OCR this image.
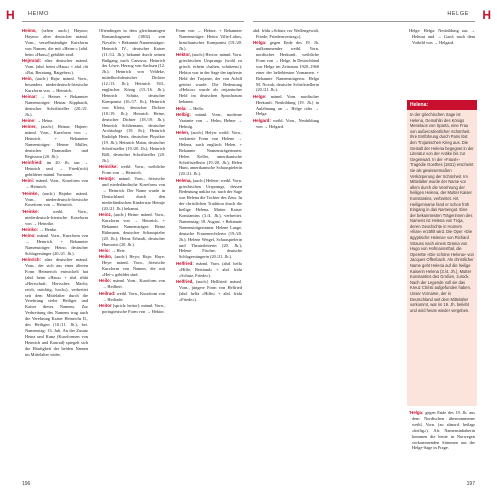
H HEIMO	H
HELGE

Heimo, (selten auch:) Haymo; Haymo: alter deutscher männl. Vorn., verselbständigte Kurzform von Namen, die mit »Heim-« [ahd. heim »Haus«] gebildet sind.

Hejmrad: alter deutscher männl. Vorn. (ahd. heim »Haus« + ahd. rât »Rat, Beratung, Ratgeber«).

Hein, (auch:) Hajn: männl. Vorn., besonders niederdeutsch-friesische Kurzform von → Heinrich.

Heinar: → Heiner. + Bekannter Namensträger: Heinar Kipphardt, deutscher Schriftsteller (20./21. Jh.).

Heine: → Heinz.

Heiner, (auch:) Heinar; Hajner: männl. Vorn., Kurzform von → Heinrich. + Bekannter Namensträger: Heiner Müller, deutscher Dramatiker und Regisseur (20. Jh.).

Heinfried: im 20. Jh. aus → Heinrich und → Fried(rich) gebildeter männl. Vorname.

Heini: männl. Vorn., Koseform von → Heinrich.

'Heinke, (auch:) Hajnke: männl. Vorn., niederdeutsch-friesische Koseform von → Heinrich.

'Heinke:	weibl. Vorn., niederdeutsch-friesische Koseform von → Heinrike.

Heinko: → Henko.

Heino: männl. Vorn., Kurzform von → Heinrich. + Bekannter Namensträger: Heino, deutscher Schlagersänger (20./21. Jh.).

Heinrich: alter deutscher männl. Vorn., der sich aus einer älteren Form Heimerich entwickelt hat (ahd. heim »Haus« + ahd. rihhi »Herrschaft; Herrscher, Macht; reich, mächtig, hoch«), verbreitet seit dem Mittelalter durch die Verehrung vieler Heiliger und Kaiser dieses Namens. Zur Verbreitung des Namens trug auch die Verehrung Kaiser Heinrichs II., des Heiligen (10./11. Jh.), bei. Namenstag: 13. Juli. An der Zusatz Heinz und Kunz (Kurzformen von Heinrich und Konrad) spiegelt sich die Häufigkeit der beiden Namen im Mittelalter wider.

Oftendingen in dem gleichnamigen Romanfragment (1802) von Novalis. + Bekannte Namensträger: Heinrich IV., deutscher Kaiser (11./12. Jh.); bekannt durch seinen Bußgang nach Canossa; Heinrich der Löwe, Herzog von Sachsen (12. Jh.); Heinrich von Veldeke, mittelhochdeutscher Dichter (12./13. Jh.); Heinrich Vill., englischer König (15./16. Jh.); Heinrich Schütz, deutscher Komponist (16./17. Jh.); Heinrich von Kleist, deutscher Dichter (18./19. Jh.); Heinrich Heine, deutscher Dichter (18./19. Jh.); Heinrich Schliemann, deutscher Archäologe (19. Jh.); Heinrich Rudolph Hertz, deutscher Physiker (19. Jh.); Heinrich Mann, deutscher Schriftsteller (19./20. Jh.); Heinrich Böll, deutscher Schriftsteller (20. Jh.).

Heinrike: weibl. Vorn., weibliche Form von → Heinrich.

Heintje: männl. Vorn., friesische und niederländische Koseform von → Heinrich. Der Name wurde in Deutschland durch den niederländischen Kinderstar Heintje (20./21. Jh.) bekannt.

Heinz, (auch:) Heine: männl. Vorn., Kurzform von → Heinrich. + Bekannte Namensträger: Heinz Rühmann, deutscher Schauspieler (20. Jh.); Heinz Erhardt, deutscher Humorist (20. Jh.).

Heio: → Heie.

Heiko, (auch:) Heyo; Hajo: Haye; Heye: männl. Vorn., friesische Kurzform von Namen, die mit »Hei-« gebildet sind.

Heilo: männl. Vorn., Kurzform von → Heilbert.

Heilrad: weibl. Vorn., Kurzform von → Heilrade.

Heitor [sprich: heitor]: männl. Vorn., portugiesische Form von → Hektor.

Form von → Hektor. + Bekannter Namensträger: Heitor Villa-Lobos, brasilianischer Komponist (19./20. Jh.).

Hektor, (auch:) Hector: männl. Vorn. griechischen Ursprungs (wohl zu griech. échein »halten, schützen«); Hektor war in der Sage der tapferste Held der Trojaner, der von Achill getötet wurde. Die Bedeutung »Hektor« wurde als trojanischer Held im deutschen Sprachraum bekannt.

Hela: → Hella.

Helbig: männl. Vorn., moderne Variante von → Helm, Helme → Helmig.

Helen, (auch:) Helyn: weibl. Vorn., verkürzte Form von Helene → Helena, auch englisch Helen. + Bekannte Namensträgerinnen: Helen Keller, amerikanische Schriftstellerin (19./20. Jh.); Helen Hunt, amerikanische Schauspielerin (20./21. Jh.).

Helena, (auch:) Helene: weibl. Vorn. griechischen Ursprungs, dessen Bedeutung unklar ist; nach der Sage war Helena die Tochter des Zeus. In der christlichen Tradition durch die heilige Helena, Mutter Kaiser Konstantins (3./4. Jh.), verbreitet. Namenstag: 18. August. + Bekannte Namensträgerinnen: Helene Lange, deutsche Frauenrechtlerin (19./20. Jh.); Helene Weigel, Schauspielerin und Theaterleiterin (20. Jh.); Helene Fischer, deutsche Schlagersängerin (20./21. Jh.).

Helfried: männl. Vorn. (ahd. helfa »Hilfe, Beistand« + ahd. fridu »Schutz, Friede«).

Helfried, (auch:) Hellfried: männl. Vorn., jüngere Form von Helfried (ahd. helfa »Hilfe« + ahd. fridu »Friede«).

ahd. frîdu »Schutz vor Waffengewalt, Friede; Friedensvertrag«).

Helga: gegen Ende des 19. Jh. aufkommender weibl. Vorn. nordischer Herkunft, weibliche Form von → Helge. In Deutschland war Helge im Zeitraum 1920–1960 einer der beliebtesten Vornamen. + Bekannte Namensträgerin: Helga M. Novak, deutsche Schriftstellerin (20./21. Jh.).

Helge: männl. Vorn. nordischer Herkunft. Neubildung (19. Jh.) in Anlehnung an → Helge oder → Helga.

Helgard: weibl. Vorn., Neubildung von → Helgard.

Helge: Helga: Neubildung aus → Helmut und → Gard; nach dem Vorbild von → Helgard.

Helena:

In der griechischen Sage ist Helena, Gemahlin des Königs Menelaos von Sparta, eine Frau von außerordentlicher Schönheit. Ihre Entführung durch Paris löst den Trojanischen Krieg aus. Die Gestalt der Helena begegnet in der Literatur von der Antike bis zur Gegenwart. In der »Faust«-Tragödie Goethes (1831) erscheint sie als gewissermaßen Verkörperung der Schönheit. Im Mittelalter wurde der Name vor allem durch die Verehrung der heiligen Helena, der Mutter Kaiser Konstantins, verbreitet. Als Heiligenname fand er schon früh Eingang in das Namengut. Eine der bekanntesten Trägerinnen des Namens ist Helena von Troja, deren Geschichte in Homers »Ilias« erzählt wird. Die Oper »Die ägyptische Helena« von Richard Strauss nach einem Drama von Hugo von Hofmannsthal, die Operette »Die schöne Helena« von Jacques Offenbach. Als christlicher Name geht Helena auf die heilige Kaiserin Helena (3./4. Jh.), Mutter Konstantins des Großen, zurück. Nach der Legende soll sie das Kreuz Christi aufgefunden haben. Unser Vorname, der in Deutschland seit dem Mittelalter vorkommt, war im 19. Jh. beliebt und wird heute wieder vergeben.

'Helga: gegen Ende des 19. Jh. aus dem Nordischen übernommener weibl. Vorn. (zu altnord. heilagr »heilig«). Als Namensinhaberin kommen die heute in Norwegen vorkommenden Stimmen aus der Helge-Sage in Frage.

196	197
